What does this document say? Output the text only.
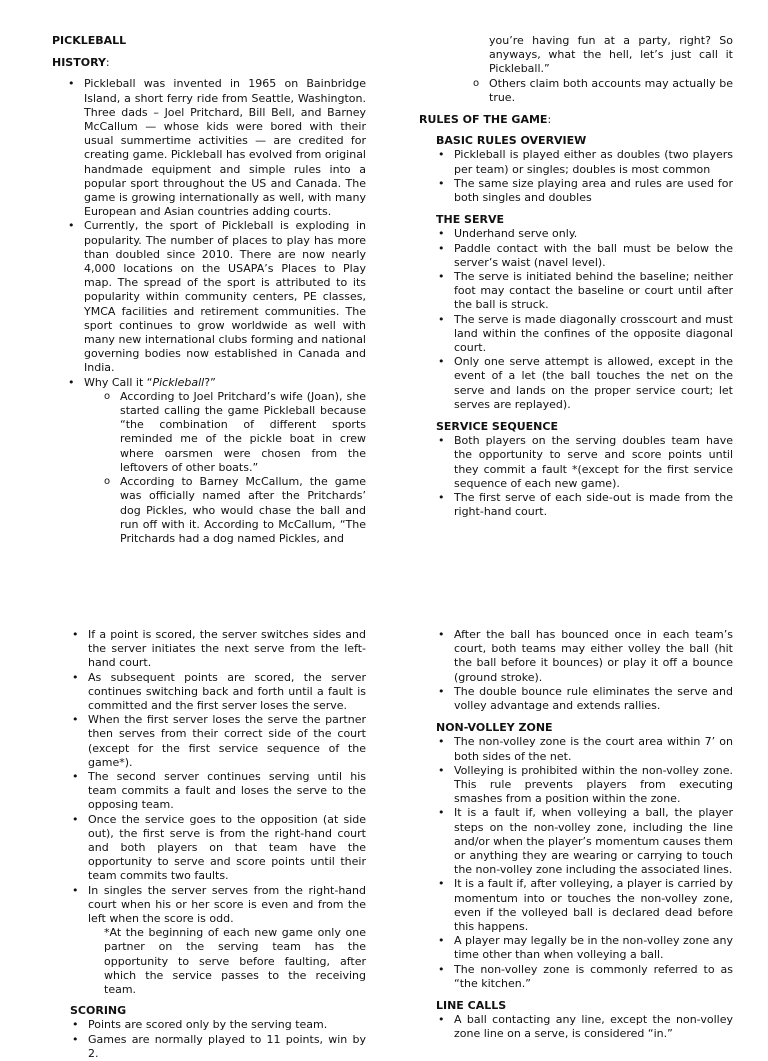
PICKLEBALL

HISTORY:

• Pickleball was invented in 1965 on Bainbridge Island, a short ferry ride from Seattle, Washington. Three dads – Joel Pritchard, Bill Bell, and Barney McCallum — whose kids were bored with their usual summertime activities — are credited for creating game. Pickleball has evolved from original handmade equipment and simple rules into a popular sport throughout the US and Canada. The game is growing internationally as well, with many European and Asian countries adding courts.
• Currently, the sport of Pickleball is exploding in popularity. The number of places to play has more than doubled since 2010. There are now nearly 4,000 locations on the USAPA’s Places to Play map. The spread of the sport is attributed to its popularity within community centers, PE classes, YMCA facilities and retirement communities. The sport continues to grow worldwide as well with many new international clubs forming and national governing bodies now established in Canada and India.
• Why Call it “Pickleball?”
o According to Joel Pritchard’s wife (Joan), she started calling the game Pickleball because “the combination of different sports reminded me of the pickle boat in crew where oarsmen were chosen from the leftovers of other boats.”
o According to Barney McCallum, the game was officially named after the Pritchards’ dog Pickles, who would chase the ball and run off with it. According to McCallum, “The Pritchards had a dog named Pickles, and
you’re having fun at a party, right? So anyways, what the hell, let’s just call it Pickleball.”
o Others claim both accounts may actually be true.

RULES OF THE GAME:

BASIC RULES OVERVIEW

• Pickleball is played either as doubles (two players per team) or singles; doubles is most common
• The same size playing area and rules are used for both singles and doubles

THE SERVE

• Underhand serve only.
• Paddle contact with the ball must be below the server’s waist (navel level).
• The serve is initiated behind the baseline; neither foot may contact the baseline or court until after the ball is struck.
• The serve is made diagonally crosscourt and must land within the confines of the opposite diagonal court.
• Only one serve attempt is allowed, except in the event of a let (the ball touches the net on the serve and lands on the proper service court; let serves are replayed).

SERVICE SEQUENCE

• Both players on the serving doubles team have the opportunity to serve and score points until they commit a fault *(except for the first service sequence of each new game).
• The first serve of each side-out is made from the right-hand court.
• If a point is scored, the server switches sides and the server initiates the next serve from the left-hand court.
• As subsequent points are scored, the server continues switching back and forth until a fault is committed and the first server loses the serve.
• When the first server loses the serve the partner then serves from their correct side of the court (except for the first service sequence of the game*).
• The second server continues serving until his team commits a fault and loses the serve to the opposing team.
• Once the service goes to the opposition (at side out), the first serve is from the right-hand court and both players on that team have the opportunity to serve and score points until their team commits two faults.
• In singles the server serves from the right-hand court when his or her score is even and from the left when the score is odd.

*At the beginning of each new game only one partner on the serving team has the opportunity to serve before faulting, after which the service passes to the receiving team.

SCORING

• Points are scored only by the serving team.
• Games are normally played to 11 points, win by 2.
• After the ball has bounced once in each team’s court, both teams may either volley the ball (hit the ball before it bounces) or play it off a bounce (ground stroke).
• The double bounce rule eliminates the serve and volley advantage and extends rallies.

NON-VOLLEY ZONE

• The non-volley zone is the court area within 7’ on both sides of the net.
• Volleying is prohibited within the non-volley zone. This rule prevents players from executing smashes from a position within the zone.
• It is a fault if, when volleying a ball, the player steps on the non-volley zone, including the line and/or when the player’s momentum causes them or anything they are wearing or carrying to touch the non-volley zone including the associated lines.
• It is a fault if, after volleying, a player is carried by momentum into or touches the non-volley zone, even if the volleyed ball is declared dead before this happens.
• A player may legally be in the non-volley zone any time other than when volleying a ball.
• The non-volley zone is commonly referred to as “the kitchen.”

LINE CALLS

• A ball contacting any line, except the non-volley zone line on a serve, is considered “in.”
